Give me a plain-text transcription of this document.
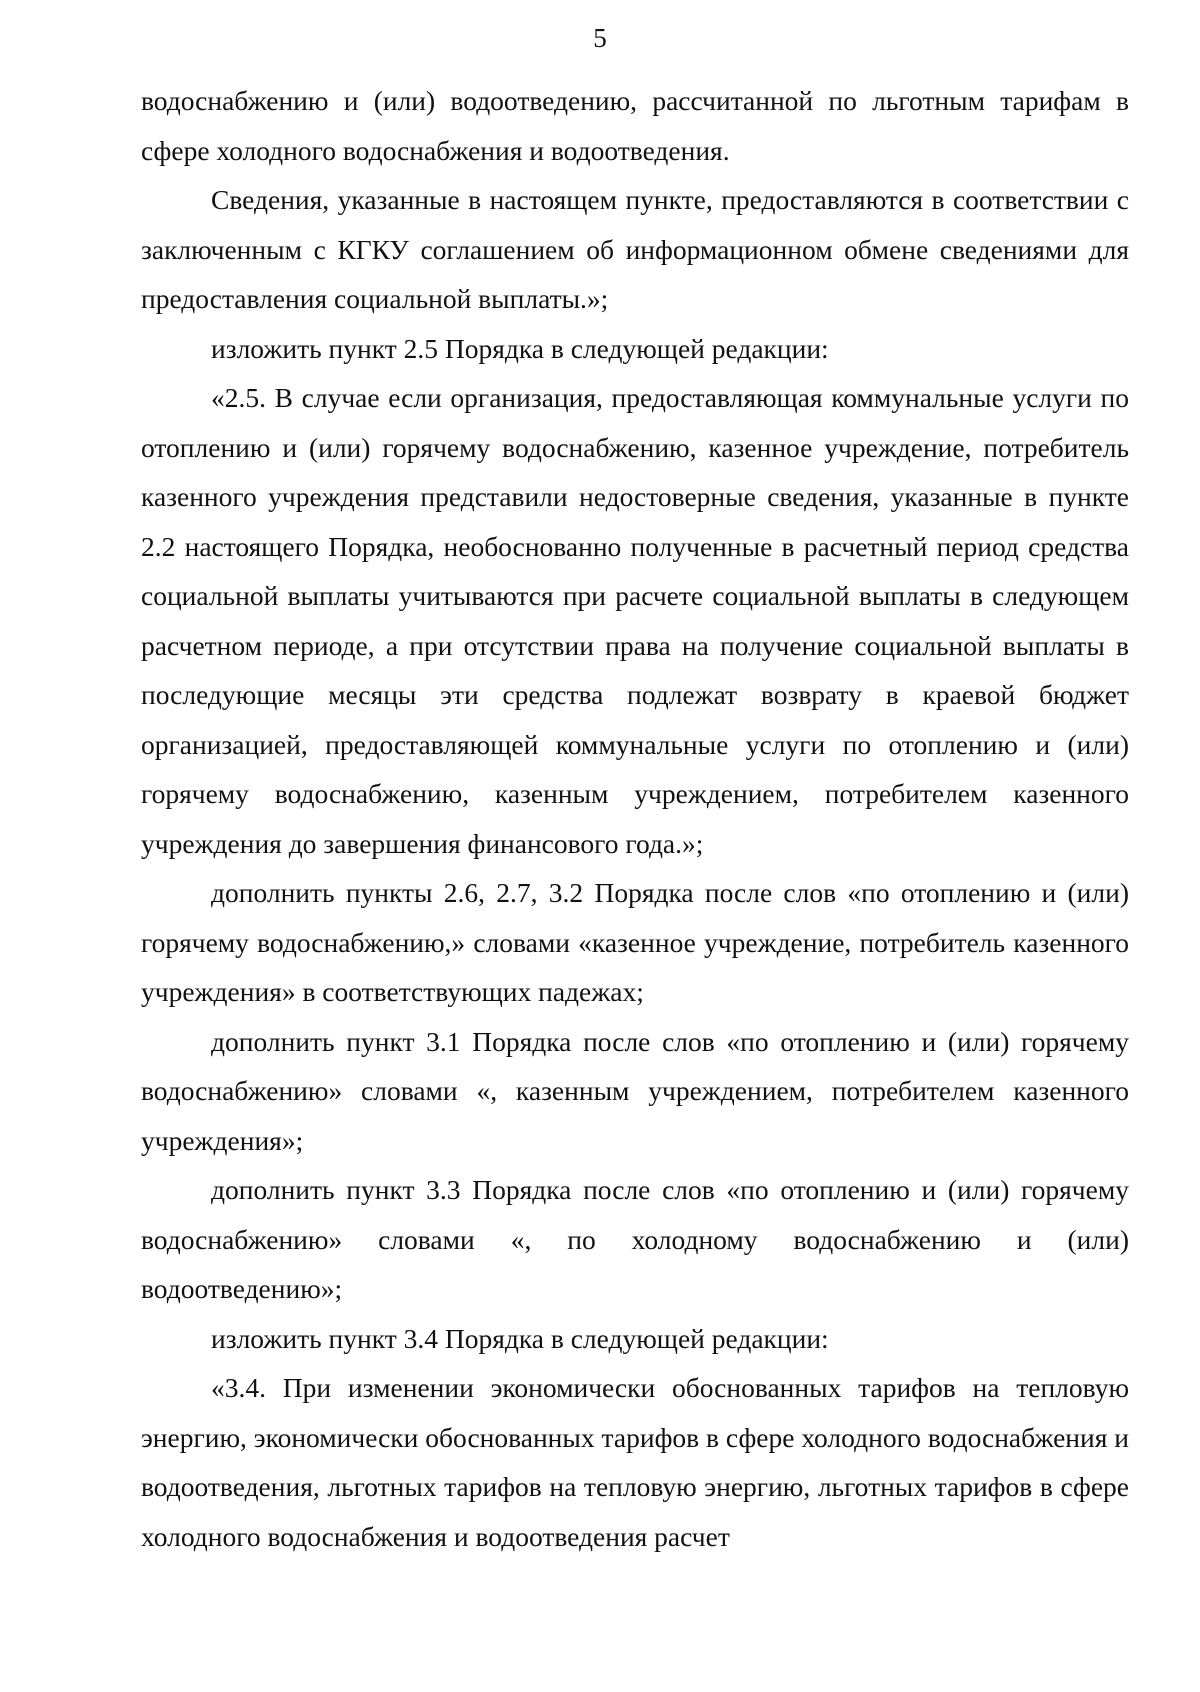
5

водоснабжению и (или) водоотведению, рассчитанной по льготным тарифам в сфере холодного водоснабжения и водоотведения.

Сведения, указанные в настоящем пункте, предоставляются в соответствии с заключенным с КГКУ соглашением об информационном обмене сведениями для предоставления социальной выплаты.»;

изложить пункт 2.5 Порядка в следующей редакции:

«2.5. В случае если организация, предоставляющая коммунальные услуги по отоплению и (или) горячему водоснабжению, казенное учреждение, потребитель казенного учреждения представили недостоверные сведения, указанные в пункте 2.2 настоящего Порядка, необоснованно полученные в расчетный период средства социальной выплаты учитываются при расчете социальной выплаты в следующем расчетном периоде, а при отсутствии права на получение социальной выплаты в последующие месяцы эти средства подлежат возврату в краевой бюджет организацией, предоставляющей коммунальные услуги по отоплению и (или) горячему водоснабжению, казенным учреждением, потребителем казенного учреждения до завершения финансового года.»;

дополнить пункты 2.6, 2.7, 3.2 Порядка после слов «по отоплению и (или) горячему водоснабжению,» словами «казенное учреждение, потребитель казенного учреждения» в соответствующих падежах;

дополнить пункт 3.1 Порядка после слов «по отоплению и (или) горячему водоснабжению» словами «, казенным учреждением, потребителем казенного учреждения»;

дополнить пункт 3.3 Порядка после слов «по отоплению и (или) горячему водоснабжению» словами «, по холодному водоснабжению и (или) водоотведению»;

изложить пункт 3.4 Порядка в следующей редакции:

«3.4. При изменении экономически обоснованных тарифов на тепловую энергию, экономически обоснованных тарифов в сфере холодного водоснабжения и водоотведения, льготных тарифов на тепловую энергию, льготных тарифов в сфере холодного водоснабжения и водоотведения расчет
